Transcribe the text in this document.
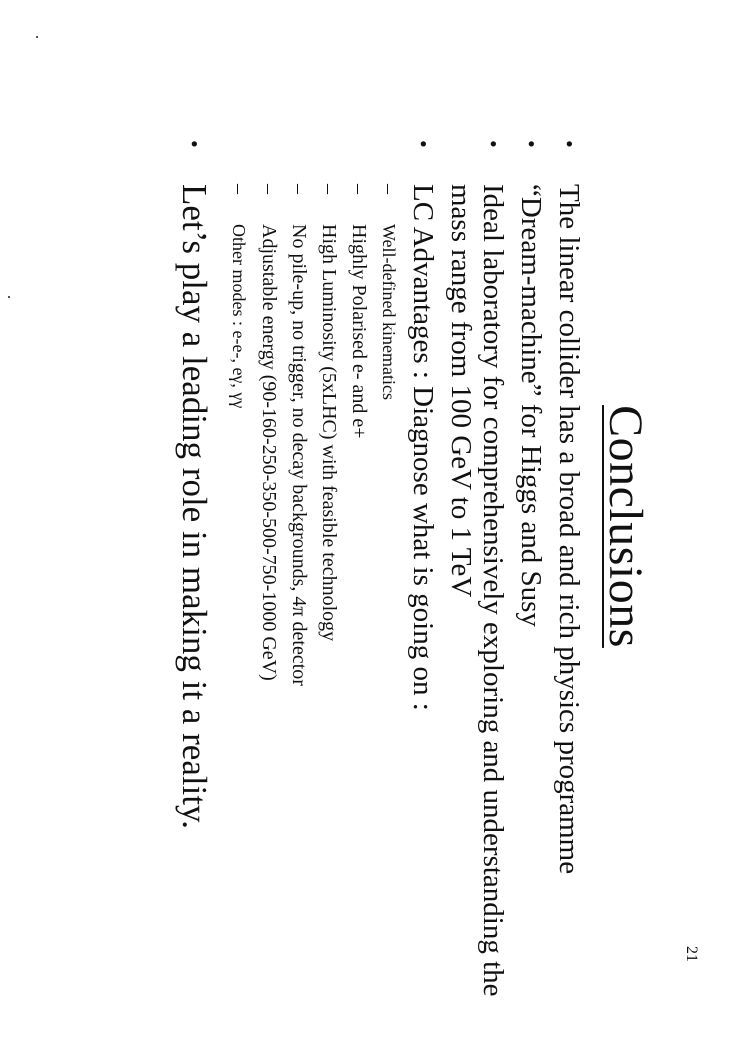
Conclusions
21
•
The linear collider has a broad and rich physics programme
•
“Dream-machine” for Higgs and Susy
•
Ideal laboratory for comprehensively exploring and understanding the mass range from 100 GeV to 1 TeV
•
LC Advantages : Diagnose what is going on :
–
Well-defined kinematics
–
Highly Polarised e- and e+
–
High Luminosity (5xLHC) with feasible technology
–
No pile-up, no trigger, no decay backgrounds, 4π detector
–
Adjustable energy (90-160-250-350-500-750-1000 GeV)
–
Other modes : e-e-, eγ, γγ
•
Let’s play a leading role in making it a reality.
